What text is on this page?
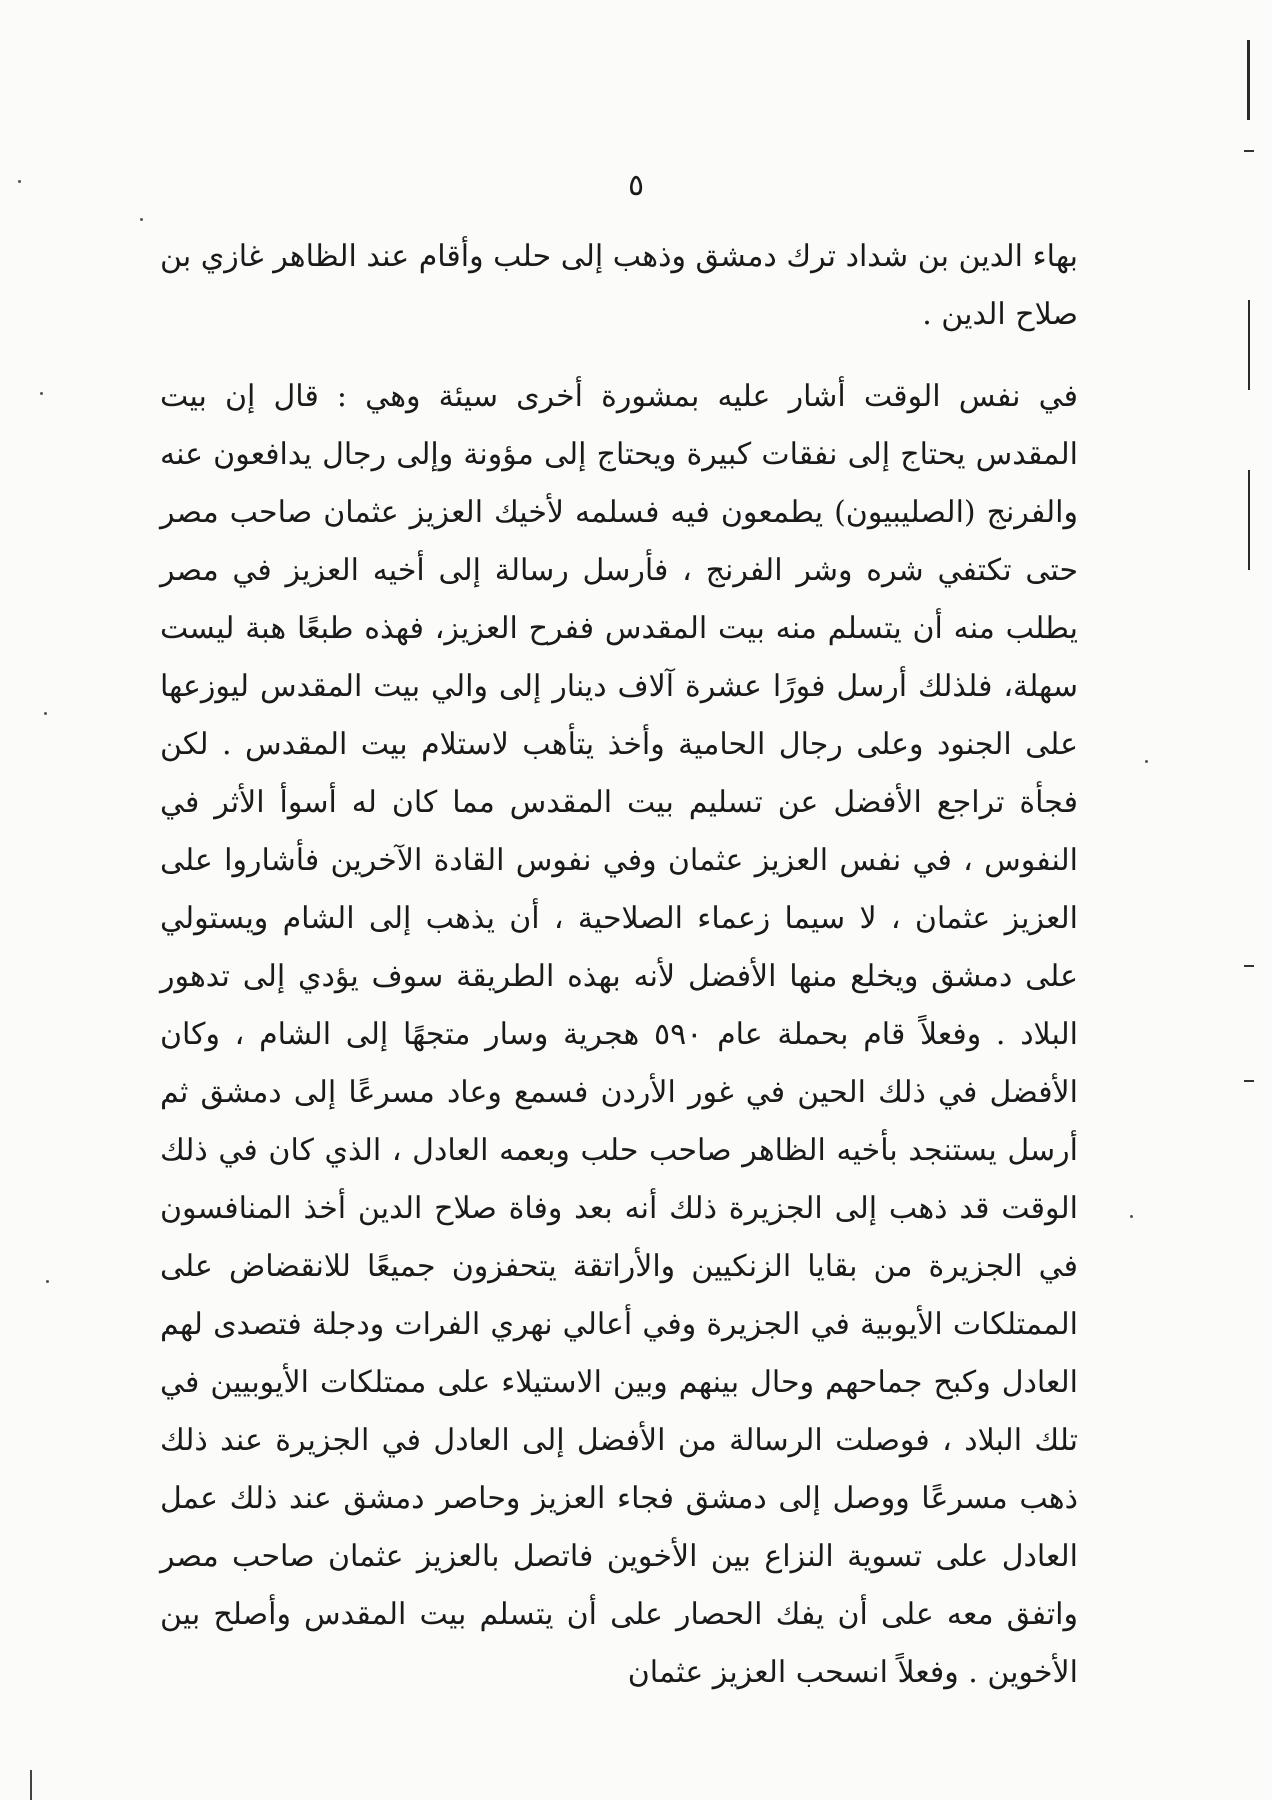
٥

بهاء الدين بن شداد ترك دمشق وذهب إلى حلب وأقام عند الظاهر غازي بن صلاح الدين .

في نفس الوقت أشار عليه بمشورة أخرى سيئة وهي : قال إن بيت المقدس يحتاج إلى نفقات كبيرة ويحتاج إلى مؤونة وإلى رجال يدافعون عنه والفرنج (الصليبيون) يطمعون فيه فسلمه لأخيك العزيز عثمان صاحب مصر حتى تكتفي شره وشر الفرنج ، فأرسل رسالة إلى أخيه العزيز في مصر يطلب منه أن يتسلم منه بيت المقدس ففرح العزيز، فهذه طبعًا هبة ليست سهلة، فلذلك أرسل فورًا عشرة آلاف دينار إلى والي بيت المقدس ليوزعها على الجنود وعلى رجال الحامية وأخذ يتأهب لاستلام بيت المقدس . لكن فجأة تراجع الأفضل عن تسليم بيت المقدس مما كان له أسوأ الأثر في النفوس ، في نفس العزيز عثمان وفي نفوس القادة الآخرين فأشاروا على العزيز عثمان ، لا سيما زعماء الصلاحية ، أن يذهب إلى الشام ويستولي على دمشق ويخلع منها الأفضل لأنه بهذه الطريقة سوف يؤدي إلى تدهور البلاد . وفعلاً قام بحملة عام ٥٩٠ هجرية وسار متجهًا إلى الشام ، وكان الأفضل في ذلك الحين في غور الأردن فسمع وعاد مسرعًا إلى دمشق ثم أرسل يستنجد بأخيه الظاهر صاحب حلب وبعمه العادل ، الذي كان في ذلك الوقت قد ذهب إلى الجزيرة ذلك أنه بعد وفاة صلاح الدين أخذ المنافسون في الجزيرة من بقايا الزنكيين والأراتقة يتحفزون جميعًا للانقضاض على الممتلكات الأيوبية في الجزيرة وفي أعالي نهري الفرات ودجلة فتصدى لهم العادل وكبح جماحهم وحال بينهم وبين الاستيلاء على ممتلكات الأيوبيين في تلك البلاد ، فوصلت الرسالة من الأفضل إلى العادل في الجزيرة عند ذلك ذهب مسرعًا ووصل إلى دمشق فجاء العزيز وحاصر دمشق عند ذلك عمل العادل على تسوية النزاع بين الأخوين فاتصل بالعزيز عثمان صاحب مصر واتفق معه على أن يفك الحصار على أن يتسلم بيت المقدس وأصلح بين الأخوين . وفعلاً انسحب العزيز عثمان
